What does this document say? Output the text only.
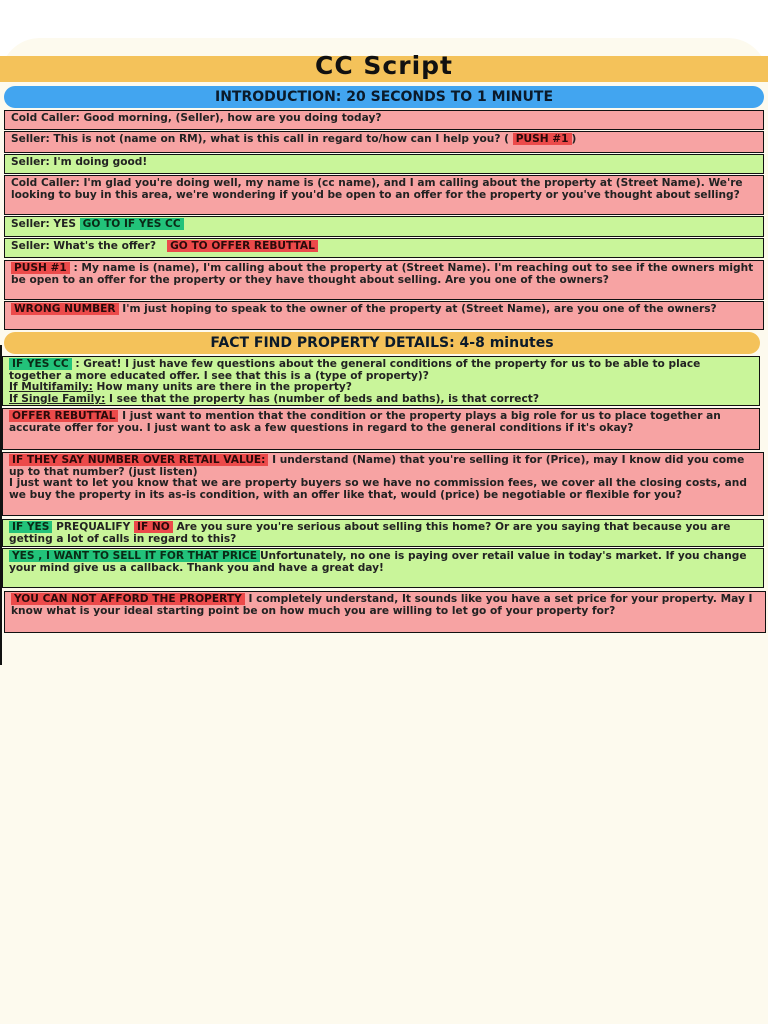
CC Script
INTRODUCTION: 20 SECONDS TO 1 MINUTE
Cold Caller: Good morning, (Seller), how are you doing today?
Seller: This is not (name on RM), what is this call in regard to/how can I help you? ( PUSH #1 )
Seller: I'm doing good!
Cold Caller: I'm glad you're doing well, my name is (cc name), and I am calling about the property at (Street Name). We're looking to buy in this area, we're wondering if you'd be open to an offer for the property or you've thought about selling?
Seller: YES GO TO IF YES CC
Seller: What's the offer? GO TO OFFER REBUTTAL
PUSH #1 : My name is (name), I'm calling about the property at (Street Name). I'm reaching out to see if the owners might be open to an offer for the property or they have thought about selling. Are you one of the owners?
WRONG NUMBER I'm just hoping to speak to the owner of the property at (Street Name), are you one of the owners?
FACT FIND PROPERTY DETAILS: 4-8 minutes
IF YES CC : Great! I just have few questions about the general conditions of the property for us to be able to place together a more educated offer. I see that this is a (type of property)?
If Multifamily: How many units are there in the property?
If Single Family: I see that the property has (number of beds and baths), is that correct?
OFFER REBUTTAL I just want to mention that the condition or the property plays a big role for us to place together an accurate offer for you. I just want to ask a few questions in regard to the general conditions if it's okay?
IF THEY SAY NUMBER OVER RETAIL VALUE: I understand (Name) that you're selling it for (Price), may I know did you come up to that number? (just listen)
I just want to let you know that we are property buyers so we have no commission fees, we cover all the closing costs, and we buy the property in its as-is condition, with an offer like that, would (price) be negotiable or flexible for you?
IF YES PREQUALIFY IF NO Are you sure you're serious about selling this home? Or are you saying that because you are getting a lot of calls in regard to this?
YES , I WANT TO SELL IT FOR THAT PRICE Unfortunately, no one is paying over retail value in today's market. If you change your mind give us a callback. Thank you and have a great day!
YOU CAN NOT AFFORD THE PROPERTY I completely understand, It sounds like you have a set price for your property. May I know what is your ideal starting point be on how much you are willing to let go of your property for?
